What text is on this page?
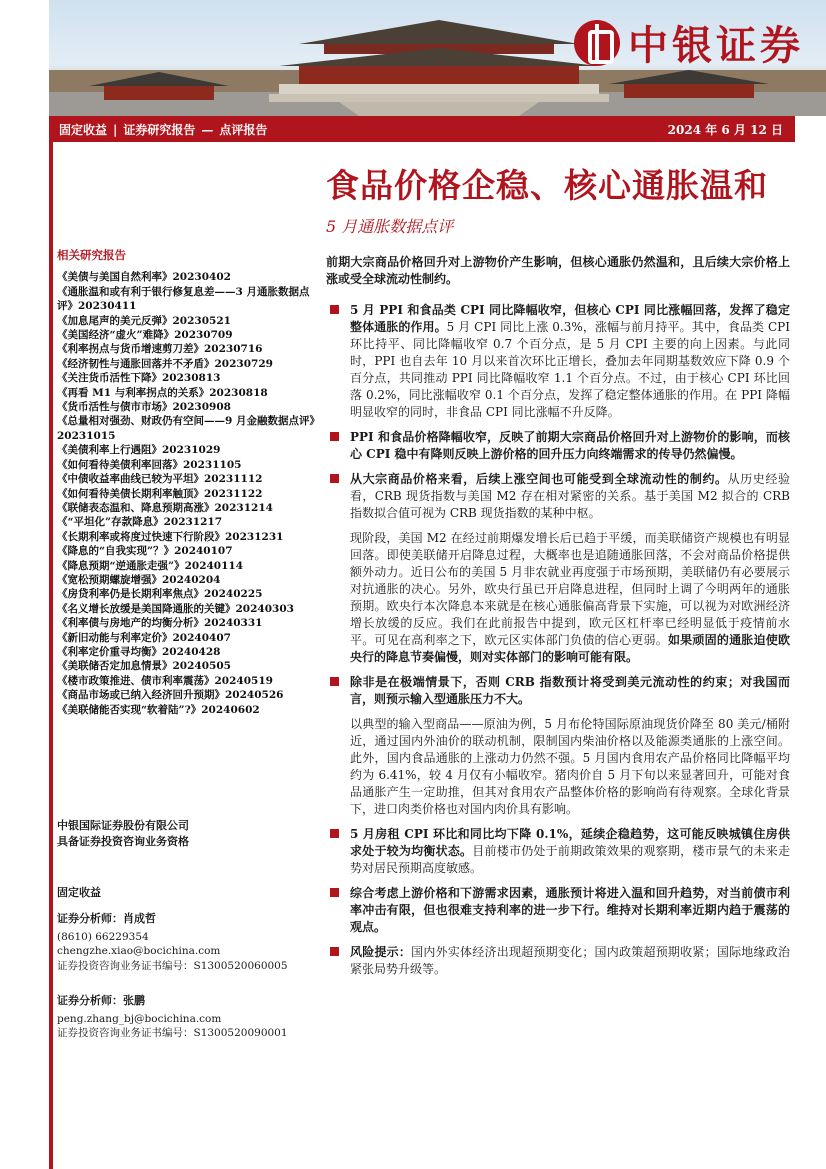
中银证券
固定收益 | 证券研究报告 — 点评报告	2024 年 6 月 12 日
食品价格企稳、核心通胀温和
5 月通胀数据点评
相关研究报告
《美债与美国自然利率》20230402
《通胀温和或有利于银行修复息差——3 月通胀数据点评》20230411
《加息尾声的美元反弹》20230521
《美国经济“虚火”难降》20230709
《利率拐点与货币增速剪刀差》20230716
《经济韧性与通胀回落并不矛盾》20230729
《关注货币活性下降》20230813
《再看 M1 与利率拐点的关系》20230818
《货币活性与债市市场》20230908
《总量相对强劲、财政仍有空间——9 月金融数据点评》20231015
《美债利率上行遇阻》20231029
《如何看待美债利率回落》20231105
《中债收益率曲线已较为平坦》20231112
《如何看待美债长期利率触顶》20231122
《联储表态温和、降息预期高涨》20231214
《“平坦化”存款降息》20231217
《长期利率或将度过快速下行阶段》20231231
《降息的“自我实现”？》20240107
《降息预期“逆通胀走强”》20240114
《宽松预期螺旋增强》20240204
《房贷利率仍是长期利率焦点》20240225
《名义增长放缓是美国降通胀的关键》20240303
《利率债与房地产的均衡分析》20240331
《新旧动能与利率定价》20240407
《利率定价重寻均衡》20240428
《美联储否定加息情景》20240505
《楼市政策推进、债市利率震荡》20240519
《商品市场或已纳入经济回升预期》20240526
《美联储能否实现“软着陆”?》20240602
中银国际证券股份有限公司
具备证券投资咨询业务资格
固定收益
证券分析师：肖成哲
(8610) 66229354
chengzhe.xiao@bocichina.com
证券投资咨询业务证书编号：S1300520060005
证券分析师：张鹏
peng.zhang_bj@bocichina.com
证券投资咨询业务证书编号：S1300520090001
前期大宗商品价格回升对上游物价产生影响，但核心通胀仍然温和，且后续大宗价格上涨或受全球流动性制约。
5 月 PPI 和食品类 CPI 同比降幅收窄，但核心 CPI 同比涨幅回落，发挥了稳定整体通胀的作用。5 月 CPI 同比上涨 0.3%，涨幅与前月持平。其中，食品类 CPI 环比持平、同比降幅收窄 0.7 个百分点，是 5 月 CPI 主要的向上因素。与此同时，PPI 也自去年 10 月以来首次环比正增长，叠加去年同期基数效应下降 0.9 个百分点，共同推动 PPI 同比降幅收窄 1.1 个百分点。不过，由于核心 CPI 环比回落 0.2%，同比涨幅收窄 0.1 个百分点，发挥了稳定整体通胀的作用。在 PPI 降幅明显收窄的同时，非食品 CPI 同比涨幅不升反降。
PPI 和食品价格降幅收窄，反映了前期大宗商品价格回升对上游物价的影响，而核心 CPI 稳中有降则反映上游价格的回升压力向终端需求的传导仍然偏慢。
从大宗商品价格来看，后续上涨空间也可能受到全球流动性的制约。从历史经验看，CRB 现货指数与美国 M2 存在相对紧密的关系。基于美国 M2 拟合的 CRB 指数拟合值可视为 CRB 现货指数的某种中枢。
现阶段，美国 M2 在经过前期爆发增长后已趋于平缓，而美联储资产规模也有明显回落。即使美联储开启降息过程，大概率也是追随通胀回落，不会对商品价格提供额外动力。近日公布的美国 5 月非农就业再度强于市场预期，美联储仍有必要展示对抗通胀的决心。另外，欧央行虽已开启降息进程，但同时上调了今明两年的通胀预期。欧央行本次降息本来就是在核心通胀偏高背景下实施，可以视为对欧洲经济增长放缓的反应。我们在此前报告中提到，欧元区杠杆率已经明显低于疫情前水平。可见在高利率之下，欧元区实体部门负债的信心更弱。如果顽固的通胀迫使欧央行的降息节奏偏慢，则对实体部门的影响可能有限。
除非是在极端情景下，否则 CRB 指数预计将受到美元流动性的约束；对我国而言，则预示输入型通胀压力不大。
以典型的输入型商品——原油为例，5 月布伦特国际原油现货价降至 80 美元/桶附近，通过国内外油价的联动机制，限制国内柴油价格以及能源类通胀的上涨空间。此外，国内食品通胀的上涨动力仍然不强。5 月国内食用农产品价格同比降幅平均约为 6.41%，较 4 月仅有小幅收窄。猪肉价自 5 月下旬以来显著回升，可能对食品通胀产生一定助推，但其对食用农产品整体价格的影响尚有待观察。全球化背景下，进口肉类价格也对国内肉价具有影响。
5 月房租 CPI 环比和同比均下降 0.1%，延续企稳趋势，这可能反映城镇住房供求处于较为均衡状态。目前楼市仍处于前期政策效果的观察期，楼市景气的未来走势对居民预期高度敏感。
综合考虑上游价格和下游需求因素，通胀预计将进入温和回升趋势，对当前债市利率冲击有限，但也很难支持利率的进一步下行。维持对长期利率近期内趋于震荡的观点。
风险提示：国内外实体经济出现超预期变化；国内政策超预期收紧；国际地缘政治紧张局势升级等。
